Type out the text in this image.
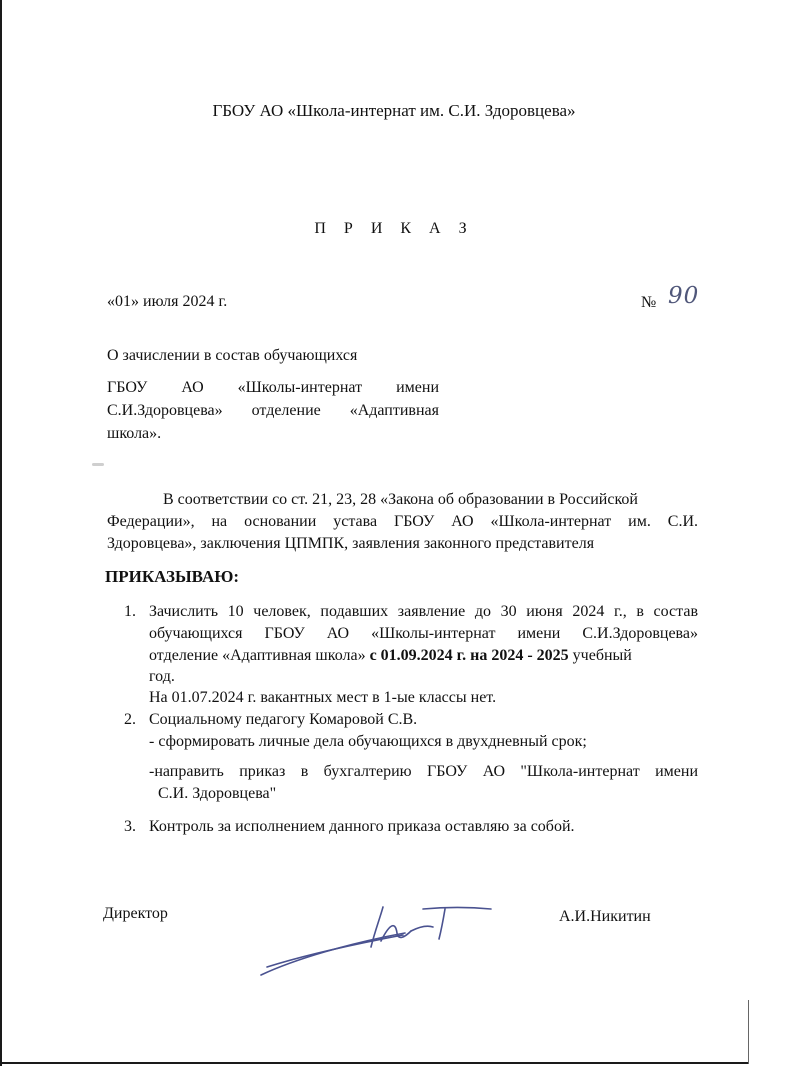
ГБОУ АО «Школа-интернат им. С.И. Здоровцева»
П Р И К А З
«01» июля 2024 г.	№ 90
О зачислении в состав обучающихся
ГБОУ АО «Школы-интернат имени
С.И.Здоровцева» отделение «Адаптивная
школа».
В соответствии со ст. 21, 23, 28 «Закона об образовании в Российской
Федерации», на основании устава ГБОУ АО «Школа-интернат им. С.И.
Здоровцева», заключения ЦПМПК, заявления законного представителя
ПРИКАЗЫВАЮ:
1. Зачислить 10 человек, подавших заявление до 30 июня 2024 г., в состав
обучающихся ГБОУ АО «Школы-интернат имени С.И.Здоровцева»
отделение «Адаптивная школа» с 01.09.2024 г. на 2024 - 2025 учебный
год.
На 01.07.2024 г. вакантных мест в 1-ые классы нет.
2. Социальному педагогу Комаровой С.В.
- сформировать личные дела обучающихся в двухдневный срок;
-направить приказ в бухгалтерию ГБОУ АО "Школа-интернат имени
С.И. Здоровцева"
3. Контроль за исполнением данного приказа оставляю за собой.
Директор	А.И.Никитин
